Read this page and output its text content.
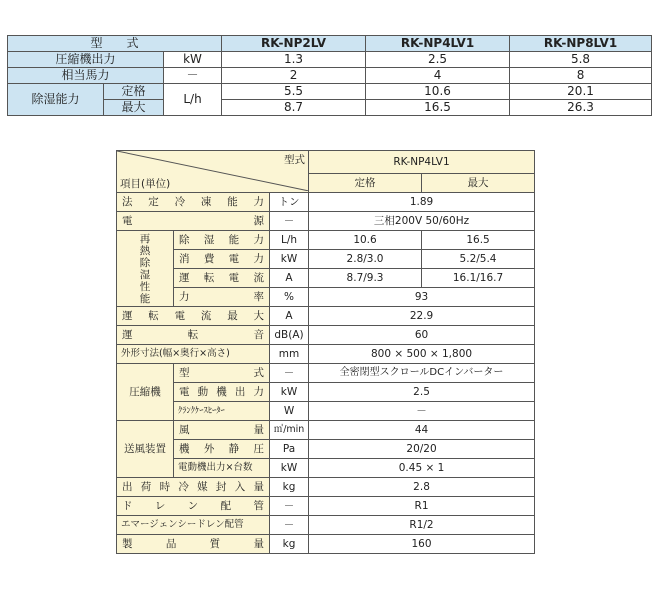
型　　式			RK-NP2LV	RK-NP4LV1	RK-NP8LV1
圧縮機出力		kW	1.3	2.5	5.8
相当馬力		－	2	4	8
除湿能力	定格	L/h	5.5	10.6	20.1
	最大		8.7	16.5	26.3
型式
項目(単位)			RK-NP4LV1	
			定格	最大
法定冷凍能力		トン	1.89	
電　源		－	三相200V 50/60Hz	

再熱除湿性能	除湿能力	L/h	10.6	16.5
	消費電力	kW	2.8/3.0	5.2/5.4
	運転電流	A	8.7/9.3	16.1/16.7
	力　率	%	93	
運転電流最大		A	22.9	
運転音		dB(A)	60	
外形寸法(幅×奥行×高さ)		mm	800 × 500 × 1,800	
圧縮機	型　式	－	全密閉型スクロールDCインバーター	
	電動機出力	kW	2.5	
	ｸﾗﾝｸｹｰｽﾋｰﾀｰ	W	－	
送風装置	風　量	㎥/min	44	
	機外静圧	Pa	20/20	
	電動機出力×台数	kW	0.45 × 1	
出荷時冷媒封入量		kg	2.8	
ドレン配管		－	R1	
エマージェンシードレン配管		－	R1/2	
製品質量		kg	160	
